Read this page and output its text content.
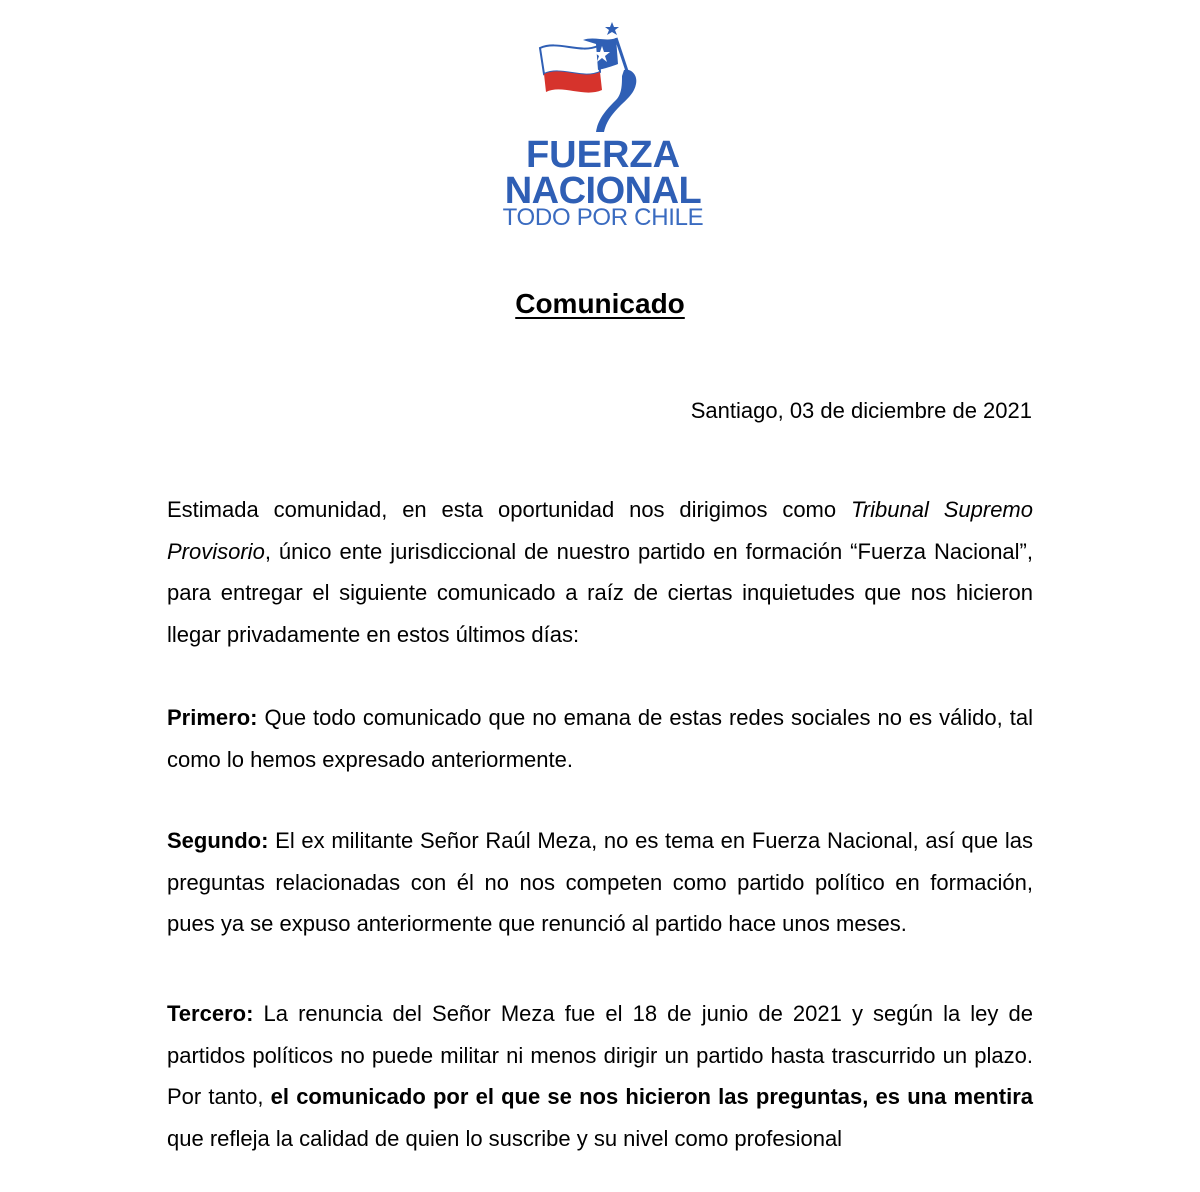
FUERZA
NACIONAL
TODO POR CHILE
Comunicado
Santiago, 03 de diciembre de 2021

Estimada comunidad, en esta oportunidad nos dirigimos como Tribunal Supremo Provisorio, único ente jurisdiccional de nuestro partido en formación “Fuerza Nacional”, para entregar el siguiente comunicado a raíz de ciertas inquietudes que nos hicieron llegar privadamente en estos últimos días:

Primero: Que todo comunicado que no emana de estas redes sociales no es válido, tal como lo hemos expresado anteriormente.

Segundo: El ex militante Señor Raúl Meza, no es tema en Fuerza Nacional, así que las preguntas relacionadas con él no nos competen como partido político en formación, pues ya se expuso anteriormente que renunció al partido hace unos meses.

Tercero: La renuncia del Señor Meza fue el 18 de junio de 2021 y según la ley de partidos políticos no puede militar ni menos dirigir un partido hasta trascurrido un plazo. Por tanto, el comunicado por el que se nos hicieron las preguntas, es una mentira que refleja la calidad de quien lo suscribe y su nivel como profesional
